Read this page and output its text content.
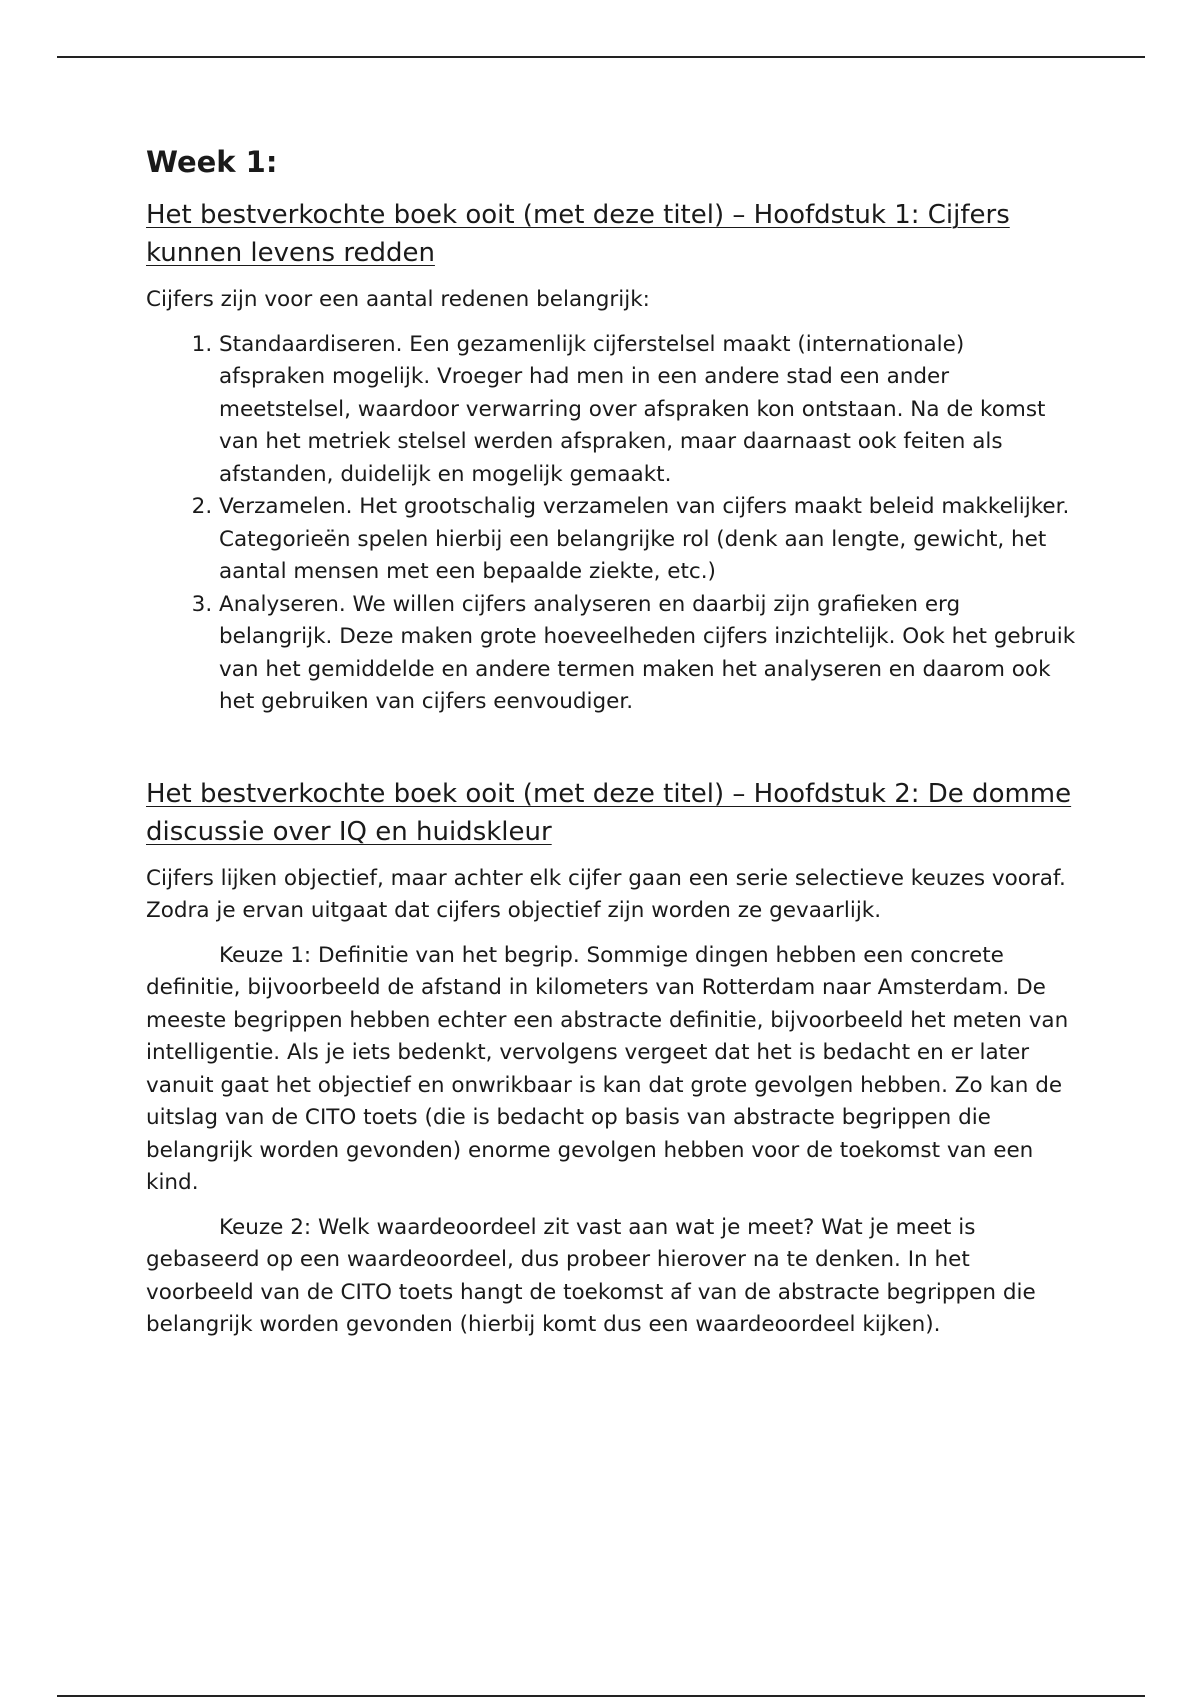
Week 1:
Het bestverkochte boek ooit (met deze titel) – Hoofdstuk 1: Cijfers kunnen levens redden

Cijfers zijn voor een aantal redenen belangrijk:

1. Standaardiseren. Een gezamenlijk cijferstelsel maakt (internationale) afspraken mogelijk. Vroeger had men in een andere stad een ander meetstelsel, waardoor verwarring over afspraken kon ontstaan. Na de komst van het metriek stelsel werden afspraken, maar daarnaast ook feiten als afstanden, duidelijk en mogelijk gemaakt.
2. Verzamelen. Het grootschalig verzamelen van cijfers maakt beleid makkelijker. Categorieën spelen hierbij een belangrijke rol (denk aan lengte, gewicht, het aantal mensen met een bepaalde ziekte, etc.)
3. Analyseren. We willen cijfers analyseren en daarbij zijn grafieken erg belangrijk. Deze maken grote hoeveelheden cijfers inzichtelijk. Ook het gebruik van het gemiddelde en andere termen maken het analyseren en daarom ook het gebruiken van cijfers eenvoudiger.
Het bestverkochte boek ooit (met deze titel) – Hoofdstuk 2: De domme discussie over IQ en huidskleur

Cijfers lijken objectief, maar achter elk cijfer gaan een serie selectieve keuzes vooraf. Zodra je ervan uitgaat dat cijfers objectief zijn worden ze gevaarlijk.

Keuze 1: Definitie van het begrip. Sommige dingen hebben een concrete definitie, bijvoorbeeld de afstand in kilometers van Rotterdam naar Amsterdam. De meeste begrippen hebben echter een abstracte definitie, bijvoorbeeld het meten van intelligentie. Als je iets bedenkt, vervolgens vergeet dat het is bedacht en er later vanuit gaat het objectief en onwrikbaar is kan dat grote gevolgen hebben. Zo kan de uitslag van de CITO toets (die is bedacht op basis van abstracte begrippen die belangrijk worden gevonden) enorme gevolgen hebben voor de toekomst van een kind.

Keuze 2: Welk waardeoordeel zit vast aan wat je meet? Wat je meet is gebaseerd op een waardeoordeel, dus probeer hierover na te denken. In het voorbeeld van de CITO toets hangt de toekomst af van de abstracte begrippen die belangrijk worden gevonden (hierbij komt dus een waardeoordeel kijken).
